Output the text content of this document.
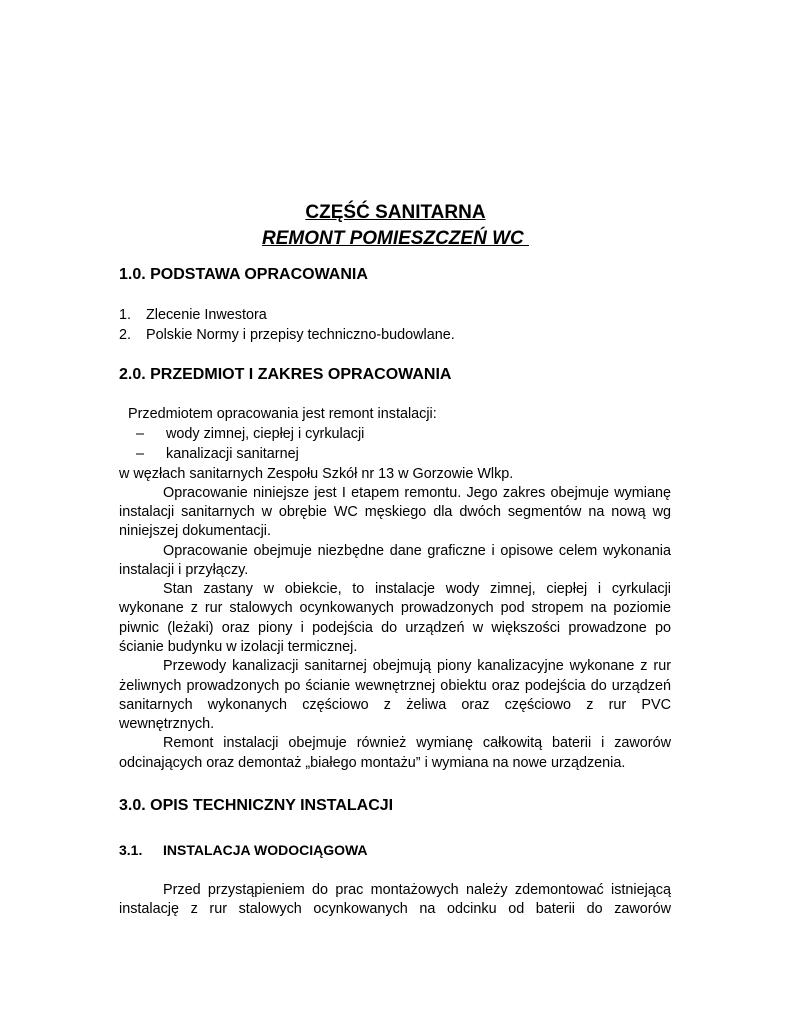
CZĘŚĆ SANITARNA
REMONT POMIESZCZEŃ WC
1.0. PODSTAWA OPRACOWANIA
1. Zlecenie Inwestora
2. Polskie Normy i przepisy techniczno-budowlane.
2.0. PRZEDMIOT I ZAKRES OPRACOWANIA
Przedmiotem opracowania jest remont instalacji:
– wody zimnej, ciepłej i cyrkulacji
– kanalizacji sanitarnej
w węzłach sanitarnych Zespołu Szkół nr 13 w Gorzowie Wlkp.
Opracowanie niniejsze jest I etapem remontu. Jego zakres obejmuje wymianę
instalacji sanitarnych w obrębie WC męskiego dla dwóch segmentów na nową wg
niniejszej dokumentacji.
Opracowanie obejmuje niezbędne dane graficzne i opisowe celem wykonania
instalacji i przyłączy.
Stan zastany w obiekcie, to instalacje wody zimnej, ciepłej i cyrkulacji
wykonane z rur stalowych ocynkowanych prowadzonych pod stropem na poziomie
piwnic (leżaki) oraz piony i podejścia do urządzeń w większości prowadzone po
ścianie budynku w izolacji termicznej.
Przewody kanalizacji sanitarnej obejmują piony kanalizacyjne wykonane z rur
żeliwnych prowadzonych po ścianie wewnętrznej obiektu oraz podejścia do urządzeń
sanitarnych wykonanych częściowo z żeliwa oraz częściowo z rur PVC
wewnętrznych.
Remont instalacji obejmuje również wymianę całkowitą baterii i zaworów
odcinających oraz demontaż „białego montażu” i wymiana na nowe urządzenia.
3.0. OPIS TECHNICZNY INSTALACJI
3.1. INSTALACJA WODOCIĄGOWA
Przed przystąpieniem do prac montażowych należy zdemontować istniejącą
instalację z rur stalowych ocynkowanych na odcinku od baterii do zaworów
